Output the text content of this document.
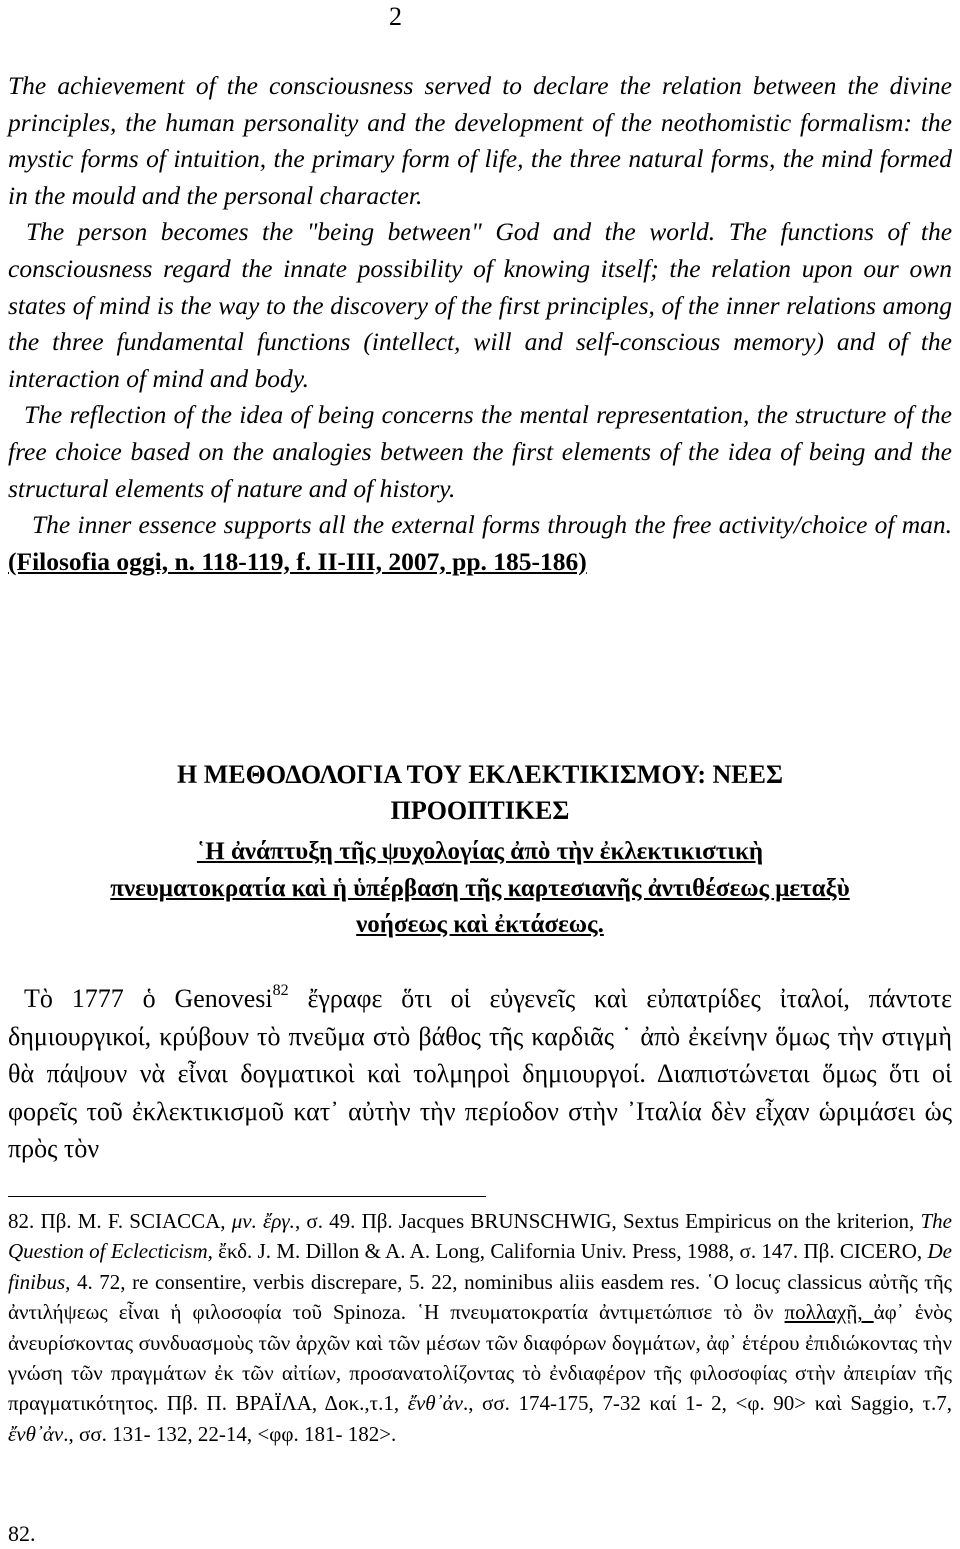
2

The achievement of the consciousness served to declare the relation between the divine principles, the human personality and the development of the neothomistic formalism: the mystic forms of intuition, the primary form of life, the three natural forms, the mind formed in the mould and the personal character.

The person becomes the "being between" God and the world. The functions of the consciousness regard the innate possibility of knowing itself; the relation upon our own states of mind is the way to the discovery of the first principles, of the inner relations among the three fundamental functions (intellect, will and self-conscious memory) and of the interaction of mind and body.

The reflection of the idea of being concerns the mental representation, the structure of the free choice based on the analogies between the first elements of the idea of being and the structural elements of nature and of history.

The inner essence supports all the external forms through the free activity/choice of man. (Filosofia oggi, n. 118-119, f. II-III, 2007, pp. 185-186)

Η ΜΕΘΟΔΟΛΟΓΙΑ ΤΟΥ ΕΚΛΕΚΤΙΚΙΣΜΟΥ: ΝΕΕΣ
ΠΡΟΟΠΤΙΚΕΣ
῾Η ἀνάπτυξη τῆς ψυχολογίας ἀπὸ τὴν ἐκλεκτικιστικὴ
πνευματοκρατία καὶ ἡ ὑπέρβαση τῆς καρτεσιανῆς ἀντιθέσεως μεταξὺ
νοήσεως καὶ ἐκτάσεως.

Τὸ 1777 ὁ Genovesi$^{82}$ ἔγραφε ὅτι οἱ εὐγενεῖς καὶ εὐπατρίδες ἰταλοί, πάντοτε δημιουργικοί, κρύβουν τὸ πνεῦμα στὸ βάθος τῆς καρδιᾶς ˙ ἀπὸ ἐκείνην ὅμως τὴν στιγμὴ θὰ πάψουν νὰ εἶναι δογματικοὶ καὶ τολμηροὶ δημιουργοί. Διαπιστώνεται ὅμως ὅτι οἱ φορεῖς τοῦ ἐκλεκτικισμοῦ κατ᾽ αὐτὴν τὴν περίοδον στὴν ᾽Ιταλία δὲν εἶχαν ὡριμάσει ὡς πρὸς τὸν

82. Πβ. M. F. SCIACCA, μν. ἔργ., σ. 49. Πβ. Jacques BRUNSCHWIG, Sextus Empiricus on the kriterion, The Question of Eclecticism, ἔκδ. J. M. Dillon & A. A. Long, California Univ. Press, 1988, σ. 147. Πβ. CICERO, De finibus, 4. 72, re consentire, verbis discrepare, 5. 22, nominibus aliis easdem res. ῾Ο locuç classicus αὐτῆς τῆς ἀντιλήψεως εἶναι ἡ φιλοσοφία τοῦ Spinoza. ῾Η πνευματοκρατία ἀντιμετώπισε τὸ ὂν πολλαχῇ, ἀφ᾽ ἑνὸς ἀνευρίσκοντας συνδυασμοὺς τῶν ἀρχῶν καὶ τῶν μέσων τῶν διαφόρων δογμάτων, ἀφ᾽ ἑτέρου ἐπιδιώκοντας τὴν γνώση τῶν πραγμάτων ἐκ τῶν αἰτίων, προσανατολίζοντας τὸ ἐνδιαφέρον τῆς φιλοσοφίας στὴν ἀπειρίαν τῆς πραγματικότητος. Πβ. Π. ΒΡΑΪΛΑ, Δοκ.,τ.1, ἔνθ᾽ἀν., σσ. 174-175, 7-32 καί 1- 2, <φ. 90> καὶ Saggio, τ.7, ἔνθ᾽ἀν., σσ. 131- 132, 22-14, <φφ. 181- 182>.

82.
